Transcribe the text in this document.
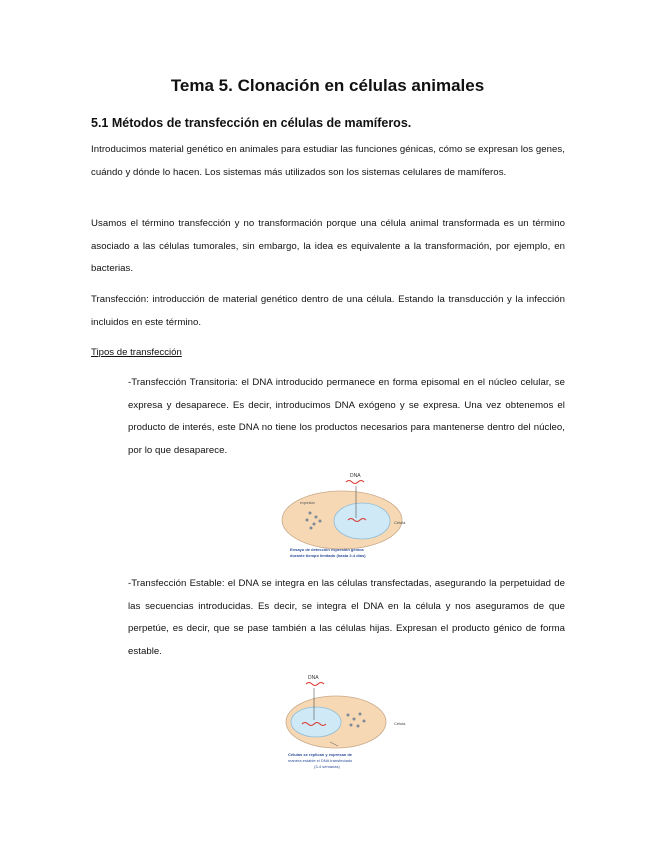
Tema 5. Clonación en células animales
5.1 Métodos de transfección en células de mamíferos.

Introducimos material genético en animales para estudiar las funciones génicas, cómo se expresan los genes, cuándo y dónde lo hacen. Los sistemas más utilizados son los sistemas celulares de mamíferos.

Usamos el término transfección y no transformación porque una célula animal transformada es un término asociado a las células tumorales, sin embargo, la idea es equivalente a la transformación, por ejemplo, en bacterias.

Transfección: introducción de material genético dentro de una célula. Estando la transducción y la infección incluidos en este término.

Tipos de transfección

-Transfección Transitoria: el DNA introducido permanece en forma episomal en el núcleo celular, se expresa y desaparece. Es decir, introducimos DNA exógeno y se expresa. Una vez obtenemos el producto de interés, este DNA no tiene los productos necesarios para mantenerse dentro del núcleo, por lo que desaparece.

DNA
expresión
Célula
Ensayo de detección expresión génica
durante tiempo limitado (hasta 2-4 días)

-Transfección Estable: el DNA se integra en las células transfectadas, asegurando la perpetuidad de las secuencias introducidas. Es decir, se integra el DNA en la célula y nos aseguramos de que perpetúe, es decir, que se pase también a las células hijas. Expresan el producto génico de forma estable.

DNA
Célula
Células se replican y expresan de
manera estable el DNA transfectado
(3-4 semanas)
